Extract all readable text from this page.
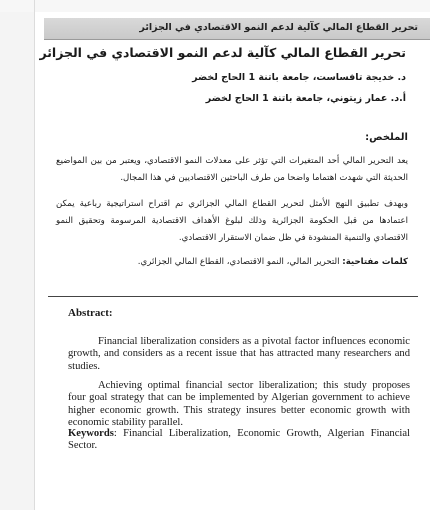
تحرير القطاع المالي كآلية لدعم النمو الاقتصادي في الجزائر
تحرير القطاع المالي كآلية لدعم النمو الاقتصادي في الجزائر
د. خديجة تافساست، جامعة باتنة 1 الحاج لخضر
أ.د. عمار زيتوني، جامعة باتنة 1 الحاج لخضر
الملخص:

يعد التحرير المالي أحد المتغيرات التي تؤثر على معدلات النمو الاقتصادي، ويعتبر من بين المواضيع الحديثة التي شهدت اهتماما واضحا من طرف الباحثين الاقتصاديين في هذا المجال.

وبهدف تطبيق النهج الأمثل لتحرير القطاع المالي الجزائري تم اقتراح استراتيجية رباعية يمكن اعتمادها من قبل الحكومة الجزائرية وذلك لبلوغ الأهداف الاقتصادية المرسومة وتحقيق النمو الاقتصادي والتنمية المنشودة في ظل ضمان الاستقرار الاقتصادي.

كلمات مفتاحية: التحرير المالي، النمو الاقتصادي، القطاع المالي الجزائري.
Abstract:

Financial liberalization considers as a pivotal factor influences economic growth, and considers as a recent issue that has attracted many researchers and studies.

Achieving optimal financial sector liberalization; this study proposes four goal strategy that can be implemented by Algerian government to achieve higher economic growth. This strategy insures better economic growth with economic stability parallel.

Keywords: Financial Liberalization, Economic Growth, Algerian Financial Sector.
